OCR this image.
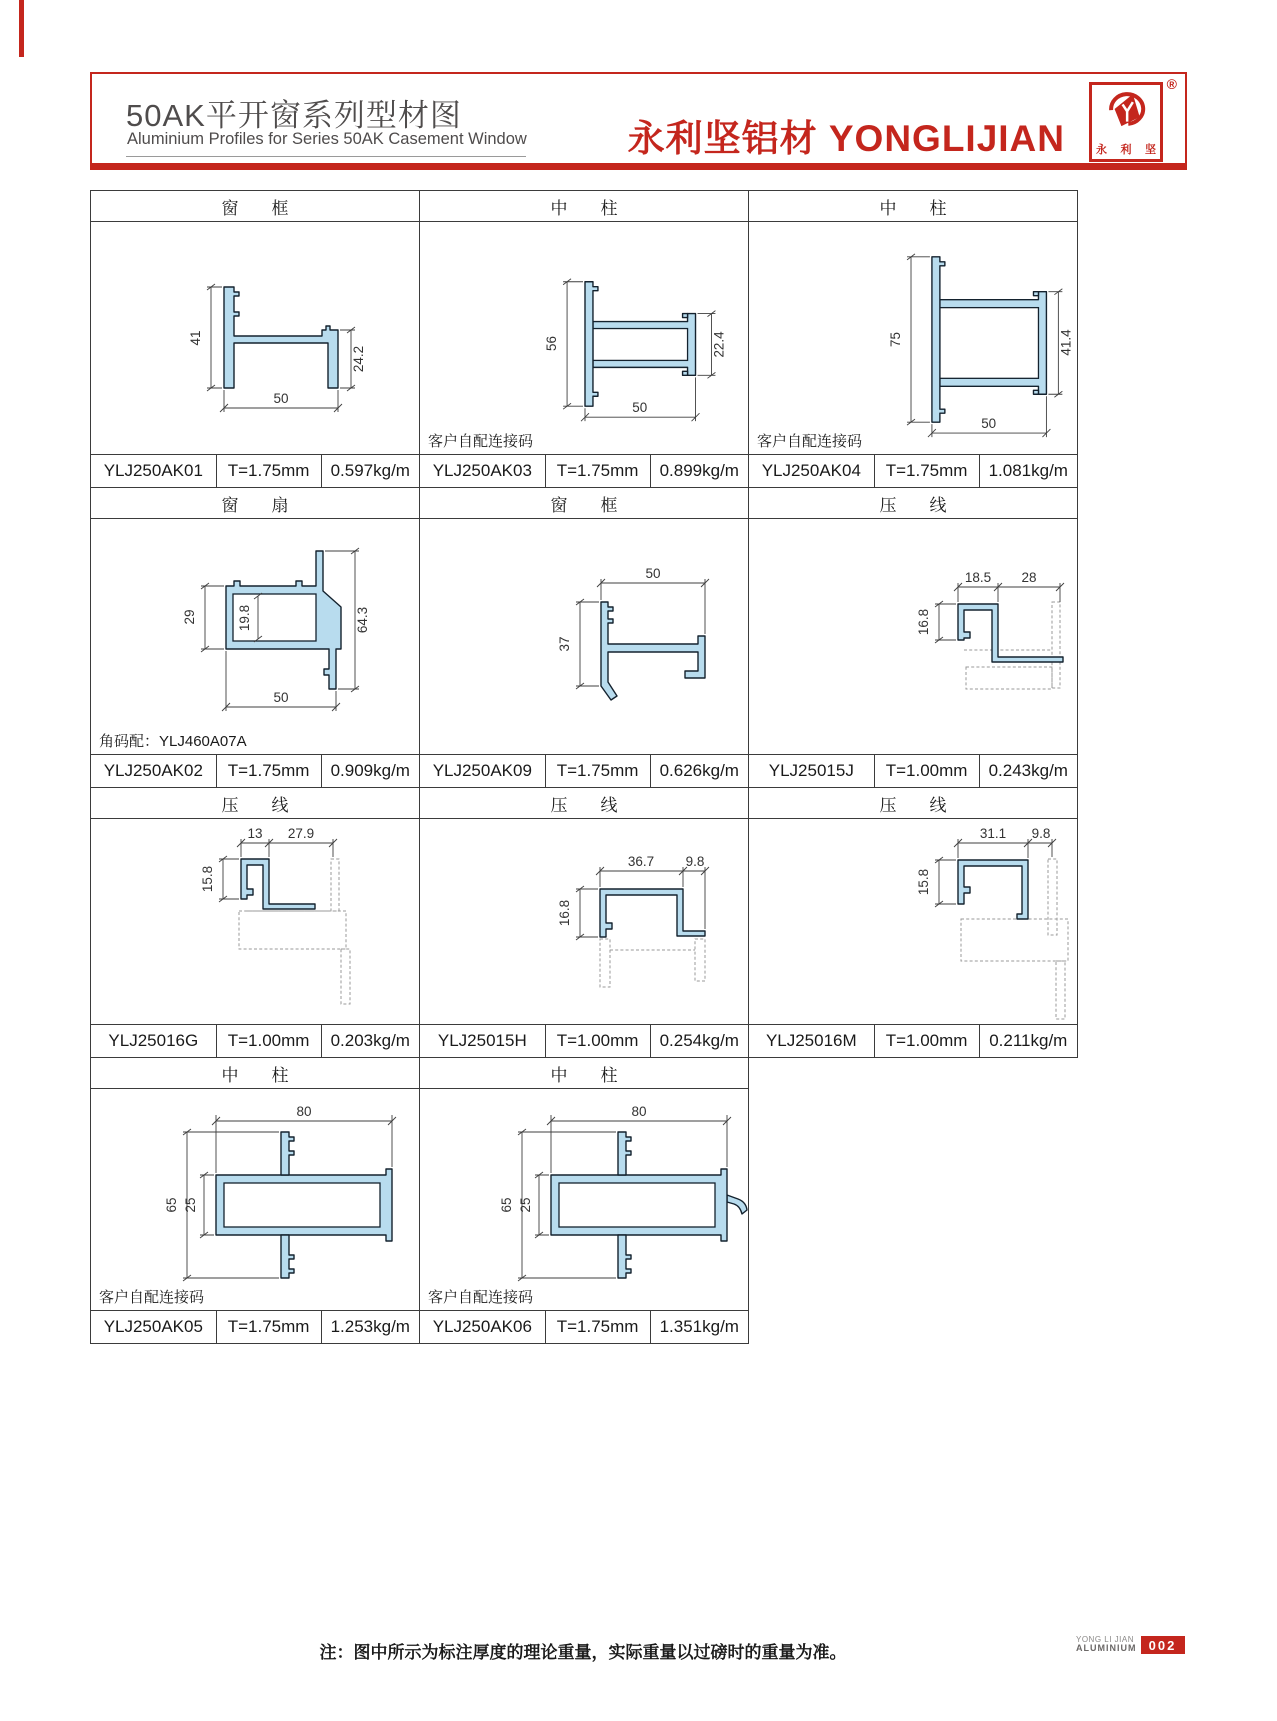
50AK平开窗系列型材图
Aluminium Profiles for Series 50AK Casement Window	永利坚铝材 YONGLIJIAN	永 利 坚
®
窗　框
41
50
24.2
YLJ250AK01	T=1.75mm	0.597kg/m
中　柱
56
50
22.4
客户自配连接码
YLJ250AK03	T=1.75mm	0.899kg/m
中　柱
75
50
41.4
客户自配连接码
YLJ250AK04	T=1.75mm	1.081kg/m
窗　扇
19.8
29
50
64.3
角码配：YLJ460A07A
YLJ250AK02	T=1.75mm	0.909kg/m
窗　框
50
37
YLJ250AK09	T=1.75mm	0.626kg/m
压　线
18.5 28
16.8
YLJ25015J	T=1.00mm	0.243kg/m
压　线
13 27.9
15.8
YLJ25016G	T=1.00mm	0.203kg/m
压　线
36.7 9.8
16.8
YLJ25015H	T=1.00mm	0.254kg/m
压　线
31.1 9.8
15.8
YLJ25016M	T=1.00mm	0.211kg/m
中　柱
80
65 25
客户自配连接码
YLJ250AK05	T=1.75mm	1.253kg/m
中　柱
80
65 25
客户自配连接码
YLJ250AK06	T=1.75mm	1.351kg/m
注：图中所示为标注厚度的理论重量，实际重量以过磅时的重量为准。
YONG LI JIAN
ALUMINIUM 002
